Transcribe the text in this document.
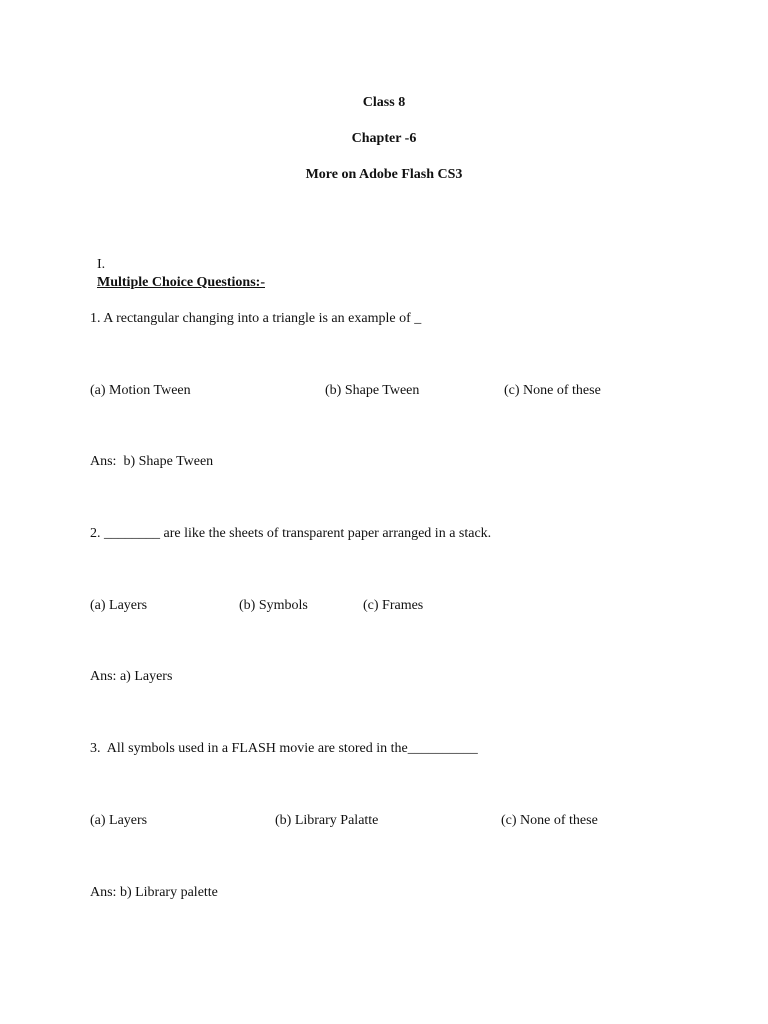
Class 8
Chapter -6
More on Adobe Flash CS3

I.
Multiple Choice Questions:-

1. A rectangular changing into a triangle is an example of _
(a) Motion Tween	(b) Shape Tween	(c) None of these
Ans:  b) Shape Tween
2. ________ are like the sheets of transparent paper arranged in a stack.
(a) Layers	(b) Symbols	(c) Frames
Ans: a) Layers
3.  All symbols used in a FLASH movie are stored in the__________
(a) Layers	(b) Library Palatte	(c) None of these
Ans: b) Library palette
